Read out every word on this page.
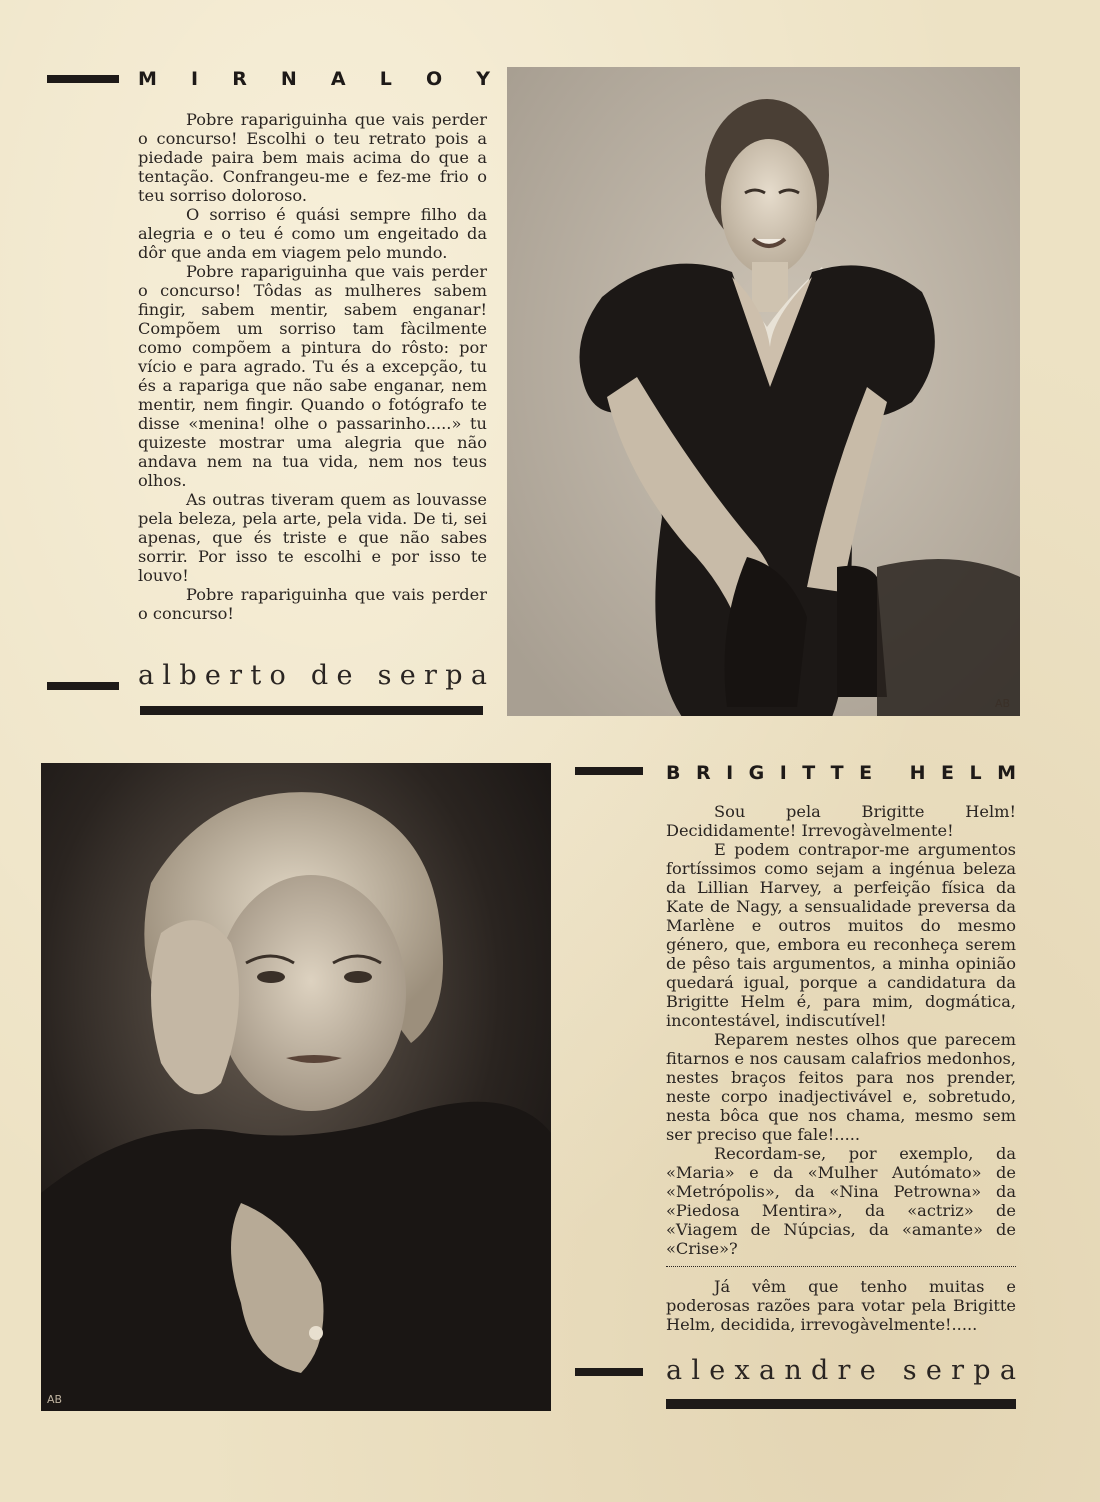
M I R N A L O Y

Pobre rapariguinha que vais perder o concurso! Escolhi o teu retrato pois a piedade paira bem mais acima do que a tentação. Confrangeu-me e fez-me frio o teu sorriso doloroso.

O sorriso é quási sempre filho da alegria e o teu é como um engeitado da dôr que anda em viagem pelo mundo.

Pobre rapariguinha que vais perder o concurso! Tôdas as mulheres sabem fingir, sabem mentir, sabem enganar! Compõem um sorriso tam fàcilmente como compõem a pintura do rôsto: por vício e para agrado. Tu és a excepção, tu és a rapariga que não sabe enganar, nem mentir, nem fingir. Quando o fotógrafo te disse «menina! olhe o passarinho.....» tu quizeste mostrar uma alegria que não andava nem na tua vida, nem nos teus olhos.

As outras tiveram quem as louvasse pela beleza, pela arte, pela vida. De ti, sei apenas, que és triste e que não sabes sorrir. Por isso te escolhi e por isso te louvo!

Pobre rapariguinha que vais perder o concurso!

a l b e r t o
d e
s e r p a
AB
AB
B R I G I T T E
H E L M

Sou pela Brigitte Helm! Decididamente! Irrevogàvelmente!

E podem contrapor-me argumentos fortíssimos como sejam a ingénua beleza da Lillian Harvey, a perfeição física da Kate de Nagy, a sensualidade preversa da Marlène e outros muitos do mesmo género, que, embora eu reconheça serem de pêso tais argumentos, a minha opinião quedará igual, porque a candidatura da Brigitte Helm é, para mim, dogmática, incontestável, indiscutível!

Reparem nestes olhos que parecem fitarnos e nos causam calafrios medonhos, nestes braços feitos para nos prender, neste corpo inadjectivável e, sobretudo, nesta bôca que nos chama, mesmo sem ser preciso que fale!.....

Recordam-se, por exemplo, da «Maria» e da «Mulher Autómato» de «Metrópolis», da «Nina Petrowna» da «Piedosa Mentira», da «actriz» de «Viagem de Núpcias, da «amante» de «Crise»?

Já vêm que tenho muitas e poderosas razões para votar pela Brigitte Helm, decidida, irrevogàvelmente!.....

a l e x a n d r e
s e r p a
